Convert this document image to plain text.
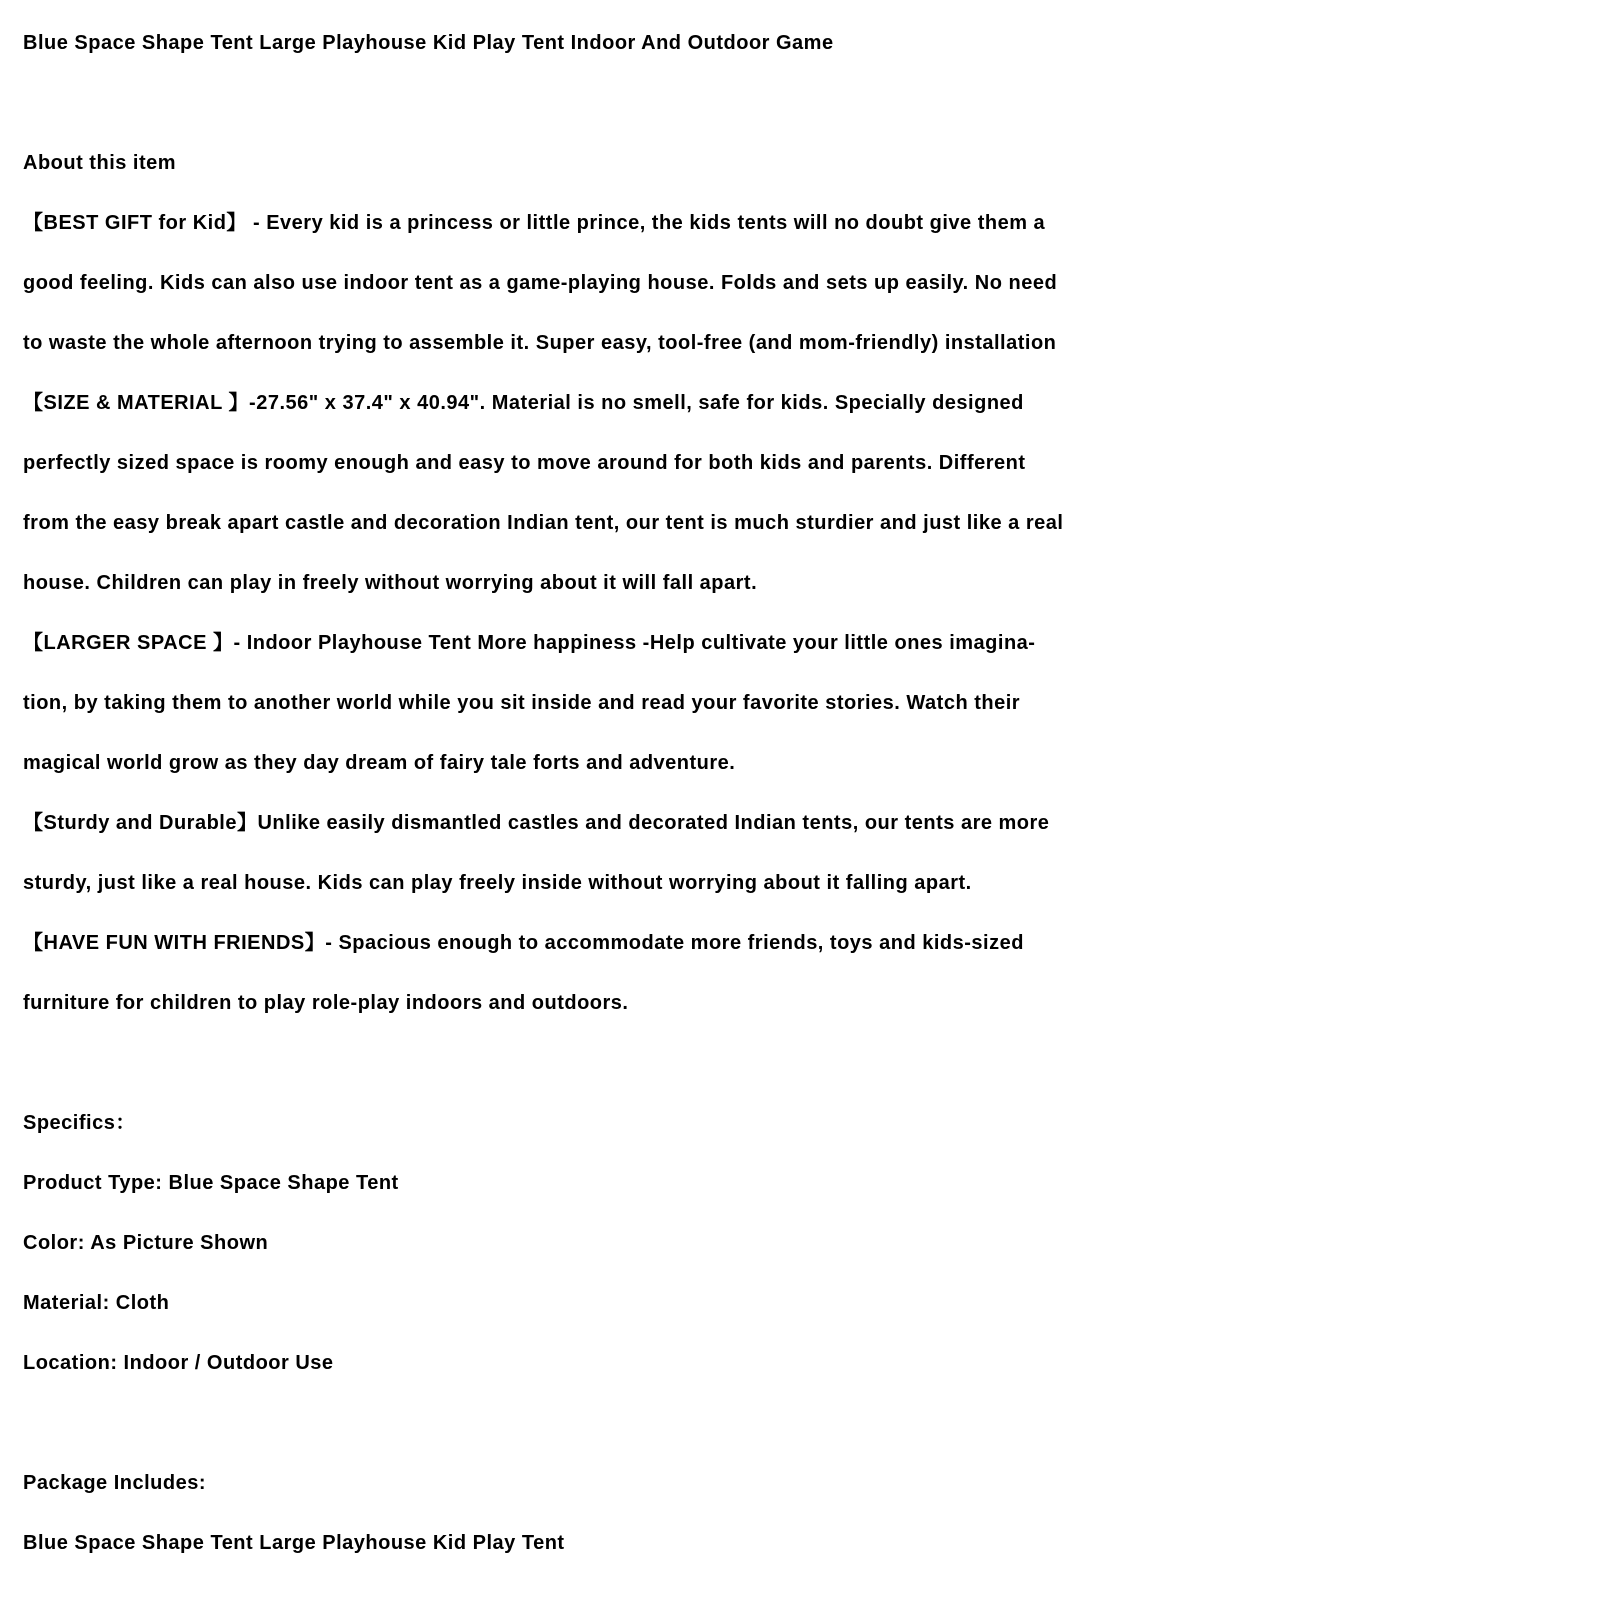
Blue Space Shape Tent Large Playhouse Kid Play Tent Indoor And Outdoor Game
About this item
【BEST GIFT for Kid】 - Every kid is a princess or little prince, the kids tents will no doubt give them a
good feeling. Kids can also use indoor tent as a game-playing house. Folds and sets up easily. No need
to waste the whole afternoon trying to assemble it. Super easy, tool-free (and mom-friendly) installation
【SIZE & MATERIAL 】-27.56" x 37.4" x 40.94". Material is no smell, safe for kids. Specially designed
perfectly sized space is roomy enough and easy to move around for both kids and parents. Different
from the easy break apart castle and decoration Indian tent, our tent is much sturdier and just like a real
house. Children can play in freely without worrying about it will fall apart.
【LARGER SPACE 】- Indoor Playhouse Tent More happiness -Help cultivate your little ones imagina-
tion, by taking them to another world while you sit inside and read your favorite stories. Watch their
magical world grow as they day dream of fairy tale forts and adventure.
【Sturdy and Durable】Unlike easily dismantled castles and decorated Indian tents, our tents are more
sturdy, just like a real house. Kids can play freely inside without worrying about it falling apart.
【HAVE FUN WITH FRIENDS】- Spacious enough to accommodate more friends, toys and kids-sized
furniture for children to play role-play indoors and outdoors.
Specifics：
Product Type: Blue Space Shape Tent
Color: As Picture Shown
Material: Cloth
Location: Indoor / Outdoor Use
Package Includes:
Blue Space Shape Tent Large Playhouse Kid Play Tent
